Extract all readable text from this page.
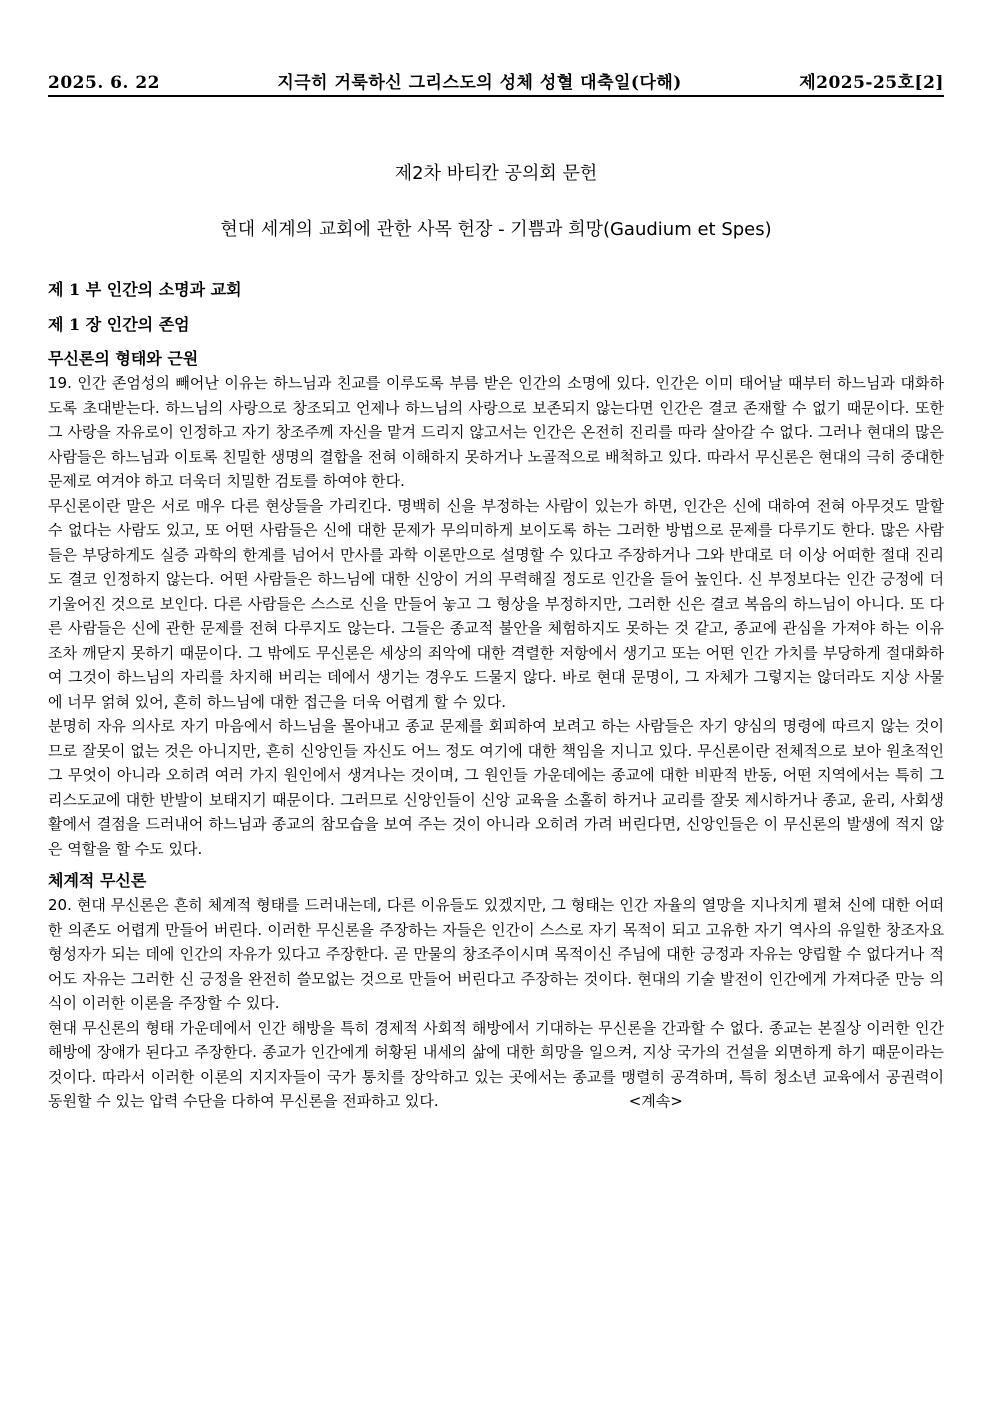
2025. 6. 22	지극히 거룩하신 그리스도의 성체 성혈 대축일(다해)	제2025-25호[2]
제2차 바티칸 공의회 문헌
현대 세계의 교회에 관한 사목 헌장 - 기쁨과 희망(Gaudium et Spes)
제 1 부 인간의 소명과 교회
제 1 장 인간의 존엄
무신론의 형태와 근원

19. 인간 존엄성의 빼어난 이유는 하느님과 친교를 이루도록 부름 받은 인간의 소명에 있다. 인간은 이미 태어날 때부터 하느님과 대화하도록 초대받는다. 하느님의 사랑으로 창조되고 언제나 하느님의 사랑으로 보존되지 않는다면 인간은 결코 존재할 수 없기 때문이다. 또한 그 사랑을 자유로이 인정하고 자기 창조주께 자신을 맡겨 드리지 않고서는 인간은 온전히 진리를 따라 살아갈 수 없다. 그러나 현대의 많은 사람들은 하느님과 이토록 친밀한 생명의 결합을 전혀 이해하지 못하거나 노골적으로 배척하고 있다. 따라서 무신론은 현대의 극히 중대한 문제로 여겨야 하고 더욱더 치밀한 검토를 하여야 한다.

무신론이란 말은 서로 매우 다른 현상들을 가리킨다. 명백히 신을 부정하는 사람이 있는가 하면, 인간은 신에 대하여 전혀 아무것도 말할 수 없다는 사람도 있고, 또 어떤 사람들은 신에 대한 문제가 무의미하게 보이도록 하는 그러한 방법으로 문제를 다루기도 한다. 많은 사람들은 부당하게도 실증 과학의 한계를 넘어서 만사를 과학 이론만으로 설명할 수 있다고 주장하거나 그와 반대로 더 이상 어떠한 절대 진리도 결코 인정하지 않는다. 어떤 사람들은 하느님에 대한 신앙이 거의 무력해질 정도로 인간을 들어 높인다. 신 부정보다는 인간 긍정에 더 기울어진 것으로 보인다. 다른 사람들은 스스로 신을 만들어 놓고 그 형상을 부정하지만, 그러한 신은 결코 복음의 하느님이 아니다. 또 다른 사람들은 신에 관한 문제를 전혀 다루지도 않는다. 그들은 종교적 불안을 체험하지도 못하는 것 같고, 종교에 관심을 가져야 하는 이유조차 깨닫지 못하기 때문이다. 그 밖에도 무신론은 세상의 죄악에 대한 격렬한 저항에서 생기고 또는 어떤 인간 가치를 부당하게 절대화하여 그것이 하느님의 자리를 차지해 버리는 데에서 생기는 경우도 드물지 않다. 바로 현대 문명이, 그 자체가 그렇지는 않더라도 지상 사물에 너무 얽혀 있어, 흔히 하느님에 대한 접근을 더욱 어렵게 할 수 있다.

분명히 자유 의사로 자기 마음에서 하느님을 몰아내고 종교 문제를 회피하여 보려고 하는 사람들은 자기 양심의 명령에 따르지 않는 것이므로 잘못이 없는 것은 아니지만, 흔히 신앙인들 자신도 어느 정도 여기에 대한 책임을 지니고 있다. 무신론이란 전체적으로 보아 원초적인 그 무엇이 아니라 오히려 여러 가지 원인에서 생겨나는 것이며, 그 원인들 가운데에는 종교에 대한 비판적 반동, 어떤 지역에서는 특히 그리스도교에 대한 반발이 보태지기 때문이다. 그러므로 신앙인들이 신앙 교육을 소홀히 하거나 교리를 잘못 제시하거나 종교, 윤리, 사회생활에서 결점을 드러내어 하느님과 종교의 참모습을 보여 주는 것이 아니라 오히려 가려 버린다면, 신앙인들은 이 무신론의 발생에 적지 않은 역할을 할 수도 있다.

체계적 무신론

20. 현대 무신론은 흔히 체계적 형태를 드러내는데, 다른 이유들도 있겠지만, 그 형태는 인간 자율의 열망을 지나치게 펼쳐 신에 대한 어떠한 의존도 어렵게 만들어 버린다. 이러한 무신론을 주장하는 자들은 인간이 스스로 자기 목적이 되고 고유한 자기 역사의 유일한 창조자요 형성자가 되는 데에 인간의 자유가 있다고 주장한다. 곧 만물의 창조주이시며 목적이신 주님에 대한 긍정과 자유는 양립할 수 없다거나 적어도 자유는 그러한 신 긍정을 완전히 쓸모없는 것으로 만들어 버린다고 주장하는 것이다. 현대의 기술 발전이 인간에게 가져다준 만능 의식이 이러한 이론을 주장할 수 있다.

현대 무신론의 형태 가운데에서 인간 해방을 특히 경제적 사회적 해방에서 기대하는 무신론을 간과할 수 없다. 종교는 본질상 이러한 인간 해방에 장애가 된다고 주장한다. 종교가 인간에게 허황된 내세의 삶에 대한 희망을 일으켜, 지상 국가의 건설을 외면하게 하기 때문이라는 것이다. 따라서 이러한 이론의 지지자들이 국가 통치를 장악하고 있는 곳에서는 종교를 맹렬히 공격하며, 특히 청소년 교육에서 공권력이 동원할 수 있는 압력 수단을 다하여 무신론을 전파하고 있다.	<계속>
